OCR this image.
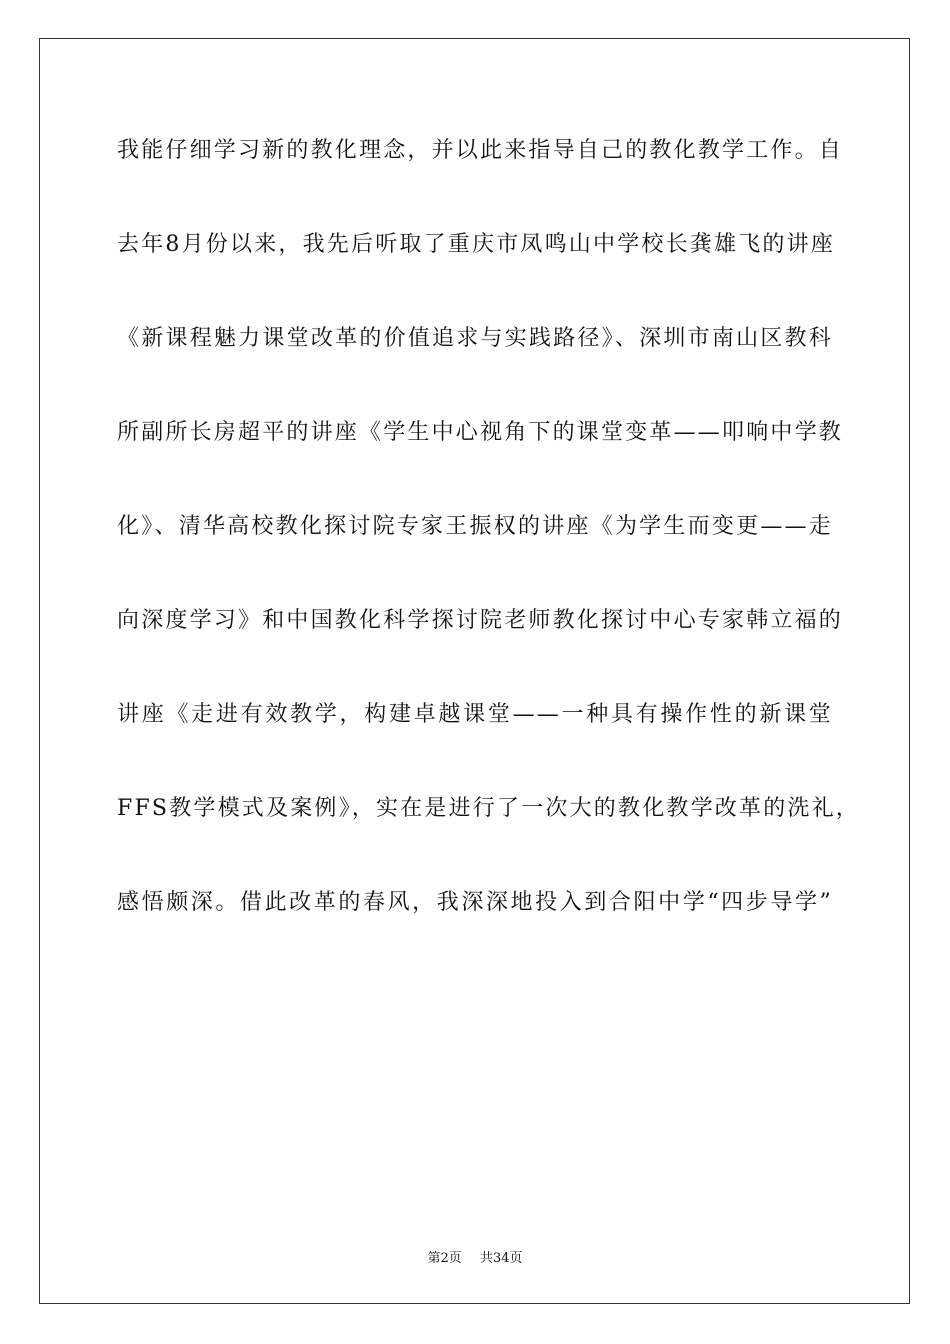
我能仔细学习新的教化理念，并以此来指导自己的教化教学工作。自
去年8月份以来，我先后听取了重庆市凤鸣山中学校长龚雄飞的讲座
《新课程魅力课堂改革的价值追求与实践路径》、深圳市南山区教科
所副所长房超平的讲座《学生中心视角下的课堂变革——叩响中学教
化》、清华高校教化探讨院专家王振权的讲座《为学生而变更——走
向深度学习》和中国教化科学探讨院老师教化探讨中心专家韩立福的
讲座《走进有效教学，构建卓越课堂——一种具有操作性的新课堂
FFS教学模式及案例》，实在是进行了一次大的教化教学改革的洗礼，
感悟颇深。借此改革的春风，我深深地投入到合阳中学“四步导学”
第2页 共34页
